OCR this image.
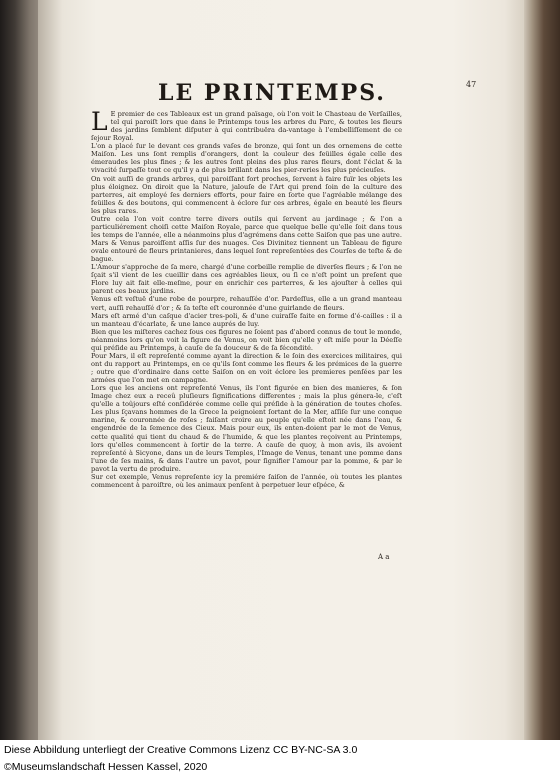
47
LE PRINTEMPS.

L E premier de ces Tableaux est un grand païsage, où l'on voit le Chasteau de Verſailles, tel qui paroiſt lors que dans le Printemps tous les arbres du Parc, & toutes les fleurs des jardins ſemblent diſputer à qui contribuëra da-vantage à l'embelliſſement de ce ſejour Royal.

L'on a placé ſur le devant ces grands vaſes de bronze, qui ſont un des ornemens de cette Maiſon. Les uns ſont remplis d'orangers, dont la couleur des feüilles égale celle des émeraudes les plus fines ; & les autres ſont pleins des plus rares fleurs, dont l'éclat & la vivacité ſurpaſſe tout ce qu'il y a de plus brillant dans les pier-reries les plus précieuſes.

On voit auſſi de grands arbres, qui paroiſſant fort proches, ſervent à faire fuïr les objets les plus éloignez. On diroit que la Nature, jalouſe de l'Art qui prend ſoin de la culture des parterres, ait employé ſes derniers efforts, pour faire en ſorte que l'agréable mélange des feüilles & des boutons, qui commencent à éclore ſur ces arbres, égale en beauté les fleurs les plus rares.

Outre cela l'on voit contre terre divers outils qui ſervent au jardinage ; & l'on a particuliérement choiſi cette Maiſon Royale, parce que quelque belle qu'elle ſoit dans tous les temps de l'année, elle a néanmoins plus d'agrémens dans cette Saiſon que pas une autre.

Mars & Venus paroiſſent aſſis ſur des nuages. Ces Divinitez tiennent un Tableau de figure ovale entouré de fleurs printanieres, dans lequel ſont repreſentées des Courſes de teſte & de bague.

L'Amour s'approche de ſa mere, chargé d'une corbeille remplie de diverſes fleurs ; & l'on ne ſçait s'il vient de les cueillir dans ces agréables lieux, ou ſi ce n'eſt point un preſent que Flore luy ait fait elle-meſme, pour en enrichir ces parterres, & les ajouſter à celles qui parent ces beaux jardins.

Venus eſt veſtuë d'une robe de pourpre, rehauſſée d'or. Pardeſſus, elle a un grand manteau vert, auſſi rehauſſé d'or ; & ſa teſte eſt couronnée d'une guirlande de fleurs.

Mars eſt armé d'un caſque d'acier tres-poli, & d'une cuiraſſe faite en forme d'é-cailles : il a un manteau d'écarlate, & une lance auprés de luy.

Bien que les miſteres cachez ſous ces figures ne ſoient pas d'abord connus de tout le monde, néanmoins lors qu'on voit la figure de Venus, on voit bien qu'elle y eſt miſe pour la Déeſſe qui préſide au Printemps, à cauſe de ſa douceur & de ſa fécondité.

Pour Mars, il eſt repreſenté comme ayant la direction & le ſoin des exercices militaires, qui ont du rapport au Printemps, en ce qu'ils ſont comme les fleurs & les prémices de la guerre ; outre que d'ordinaire dans cette Saiſon on en voit éclore les premieres penſées par les armées que l'on met en campagne.

Lors que les anciens ont repreſenté Venus, ils l'ont figurée en bien des manieres, & ſon Image chez eux a receû pluſieurs ſignifications differentes ; mais la plus génera-le, c'eſt qu'elle a toûjours eſté conſidérée comme celle qui préſide à la génération de toutes choſes. Les plus ſçavans hommes de la Grece la peignoient ſortant de la Mer, aſſiſe ſur une conque marine, & couronnée de roſes ; faiſant croire au peuple qu'elle eſtoit née dans l'eau, & engendrée de la ſemence des Cieux. Mais pour eux, ils enten-doient par le mot de Venus, cette qualité qui tient du chaud & de l'humide, & que les plantes reçoivent au Printemps, lors qu'elles commencent à ſortir de la terre. A cauſe de quoy, à mon avis, ils avoient repreſenté à Sicyone, dans un de leurs Temples, l'Image de Venus, tenant une pomme dans l'une de ſes mains, & dans l'autre un pavot, pour ſignifier l'amour par la pomme, & par le pavot la vertu de produire.

Sur cet exemple, Venus repreſente icy la premiére ſaiſon de l'année, où toutes les plantes commencent à paroiſtre, où les animaux penſent à perpetuer leur eſpéce, &

A a
Diese Abbildung unterliegt der Creative Commons Lizenz CC BY-NC-SA 3.0
©Museumslandschaft Hessen Kassel, 2020
